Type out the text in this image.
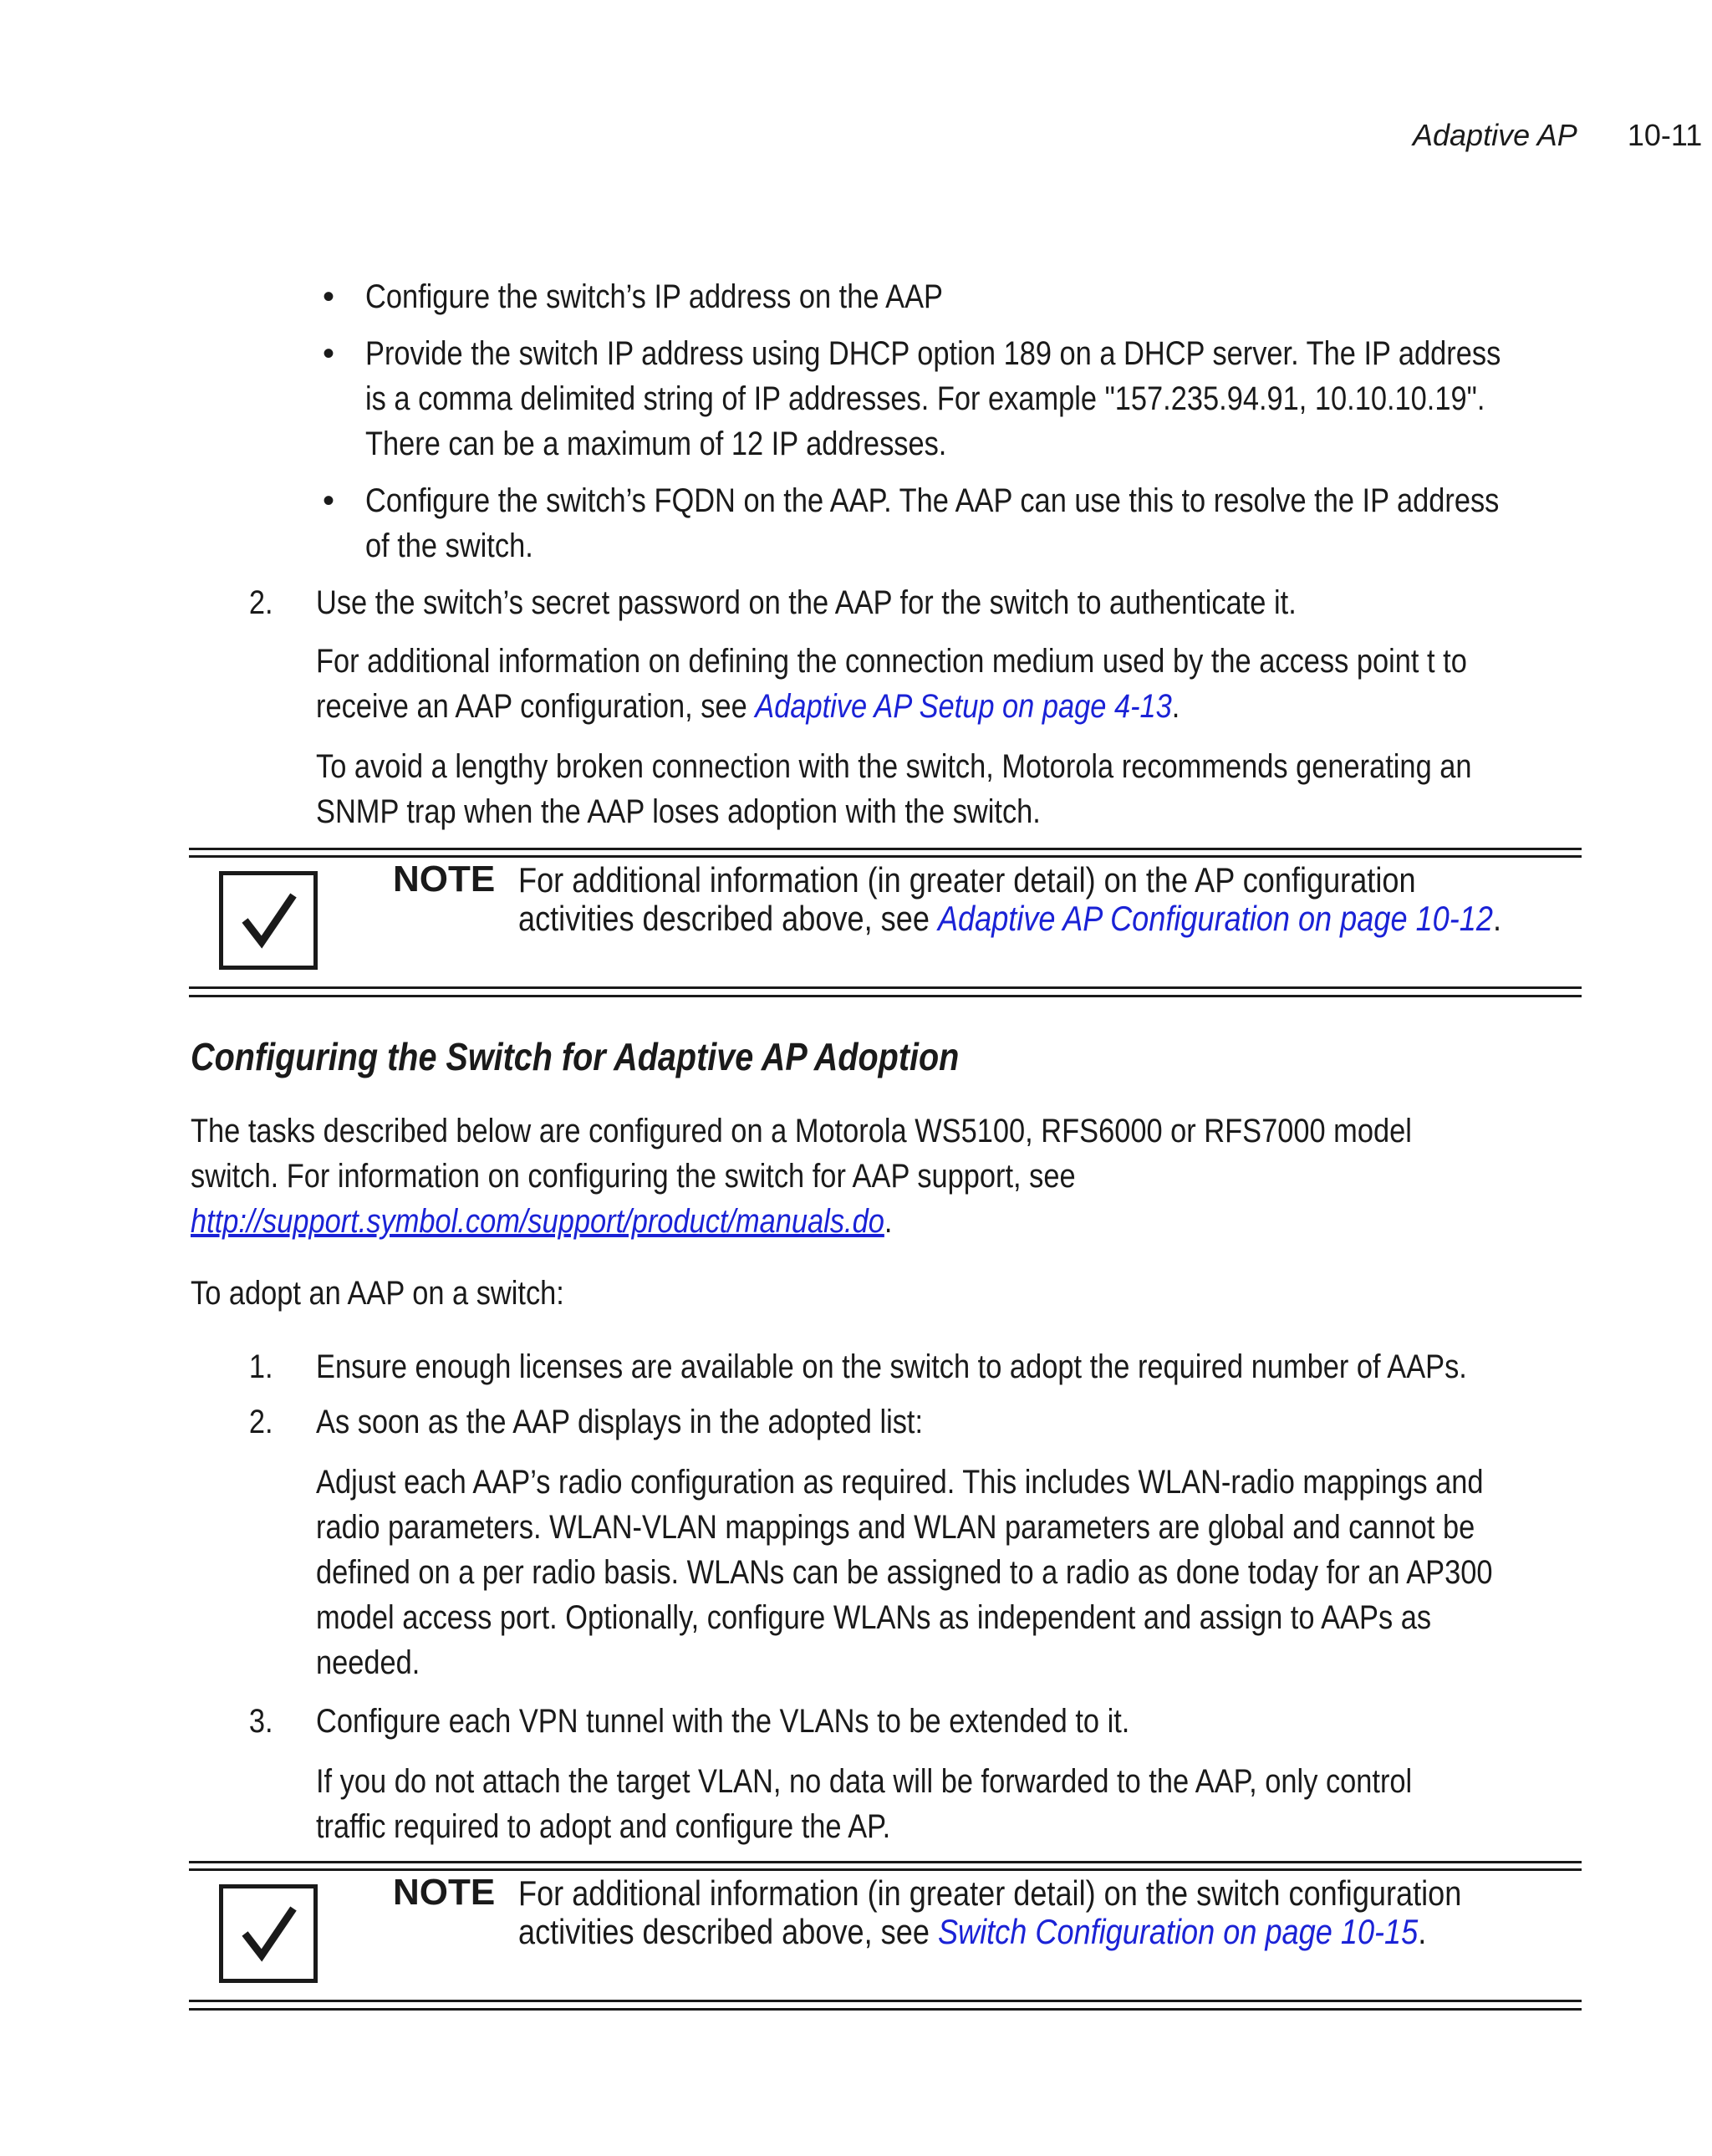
Adaptive AP 10-11
• Configure the switch’s IP address on the AAP
• Provide the switch IP address using DHCP option 189 on a DHCP server. The IP address
is a comma delimited string of IP addresses. For example "157.235.94.91, 10.10.10.19".
There can be a maximum of 12 IP addresses.
• Configure the switch’s FQDN on the AAP. The AAP can use this to resolve the IP address
of the switch.
2. Use the switch’s secret password on the AAP for the switch to authenticate it.
For additional information on defining the connection medium used by the access point t to
receive an AAP configuration, see Adaptive AP Setup on page 4-13.
To avoid a lengthy broken connection with the switch, Motorola recommends generating an
SNMP trap when the AAP loses adoption with the switch.
NOTE For additional information (in greater detail) on the AP configuration
activities described above, see Adaptive AP Configuration on page 10-12.
Configuring the Switch for Adaptive AP Adoption
The tasks described below are configured on a Motorola WS5100, RFS6000 or RFS7000 model
switch. For information on configuring the switch for AAP support, see
http://support.symbol.com/support/product/manuals.do.
To adopt an AAP on a switch:
1. Ensure enough licenses are available on the switch to adopt the required number of AAPs.
2. As soon as the AAP displays in the adopted list:
Adjust each AAP’s radio configuration as required. This includes WLAN-radio mappings and
radio parameters. WLAN-VLAN mappings and WLAN parameters are global and cannot be
defined on a per radio basis. WLANs can be assigned to a radio as done today for an AP300
model access port. Optionally, configure WLANs as independent and assign to AAPs as
needed.
3. Configure each VPN tunnel with the VLANs to be extended to it.
If you do not attach the target VLAN, no data will be forwarded to the AAP, only control
traffic required to adopt and configure the AP.
NOTE For additional information (in greater detail) on the switch configuration
activities described above, see Switch Configuration on page 10-15.
